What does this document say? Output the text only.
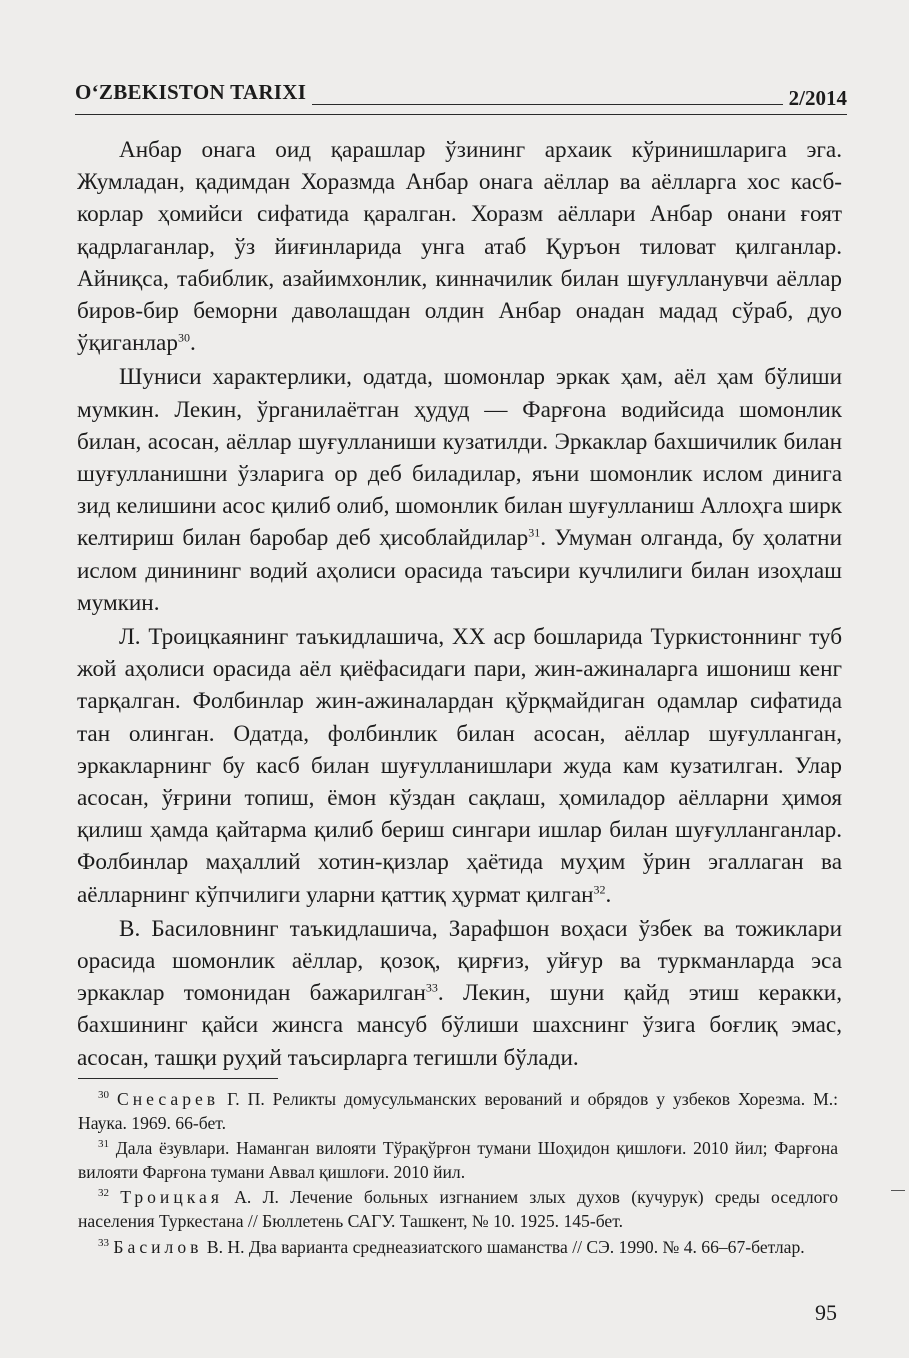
O‘ZBEKISTON TARIXI	2/2014

Анбар онага оид қарашлар ўзининг архаик кўринишларига эга. Жумладан, қадимдан Хоразмда Анбар онага аёллар ва аёлларга хос касб-корлар ҳомийси сифатида қаралган. Хоразм аёллари Анбар онани ғоят қадрлаганлар, ўз йиғинларида унга атаб Қуръон тиловат қилганлар. Айниқса, табиблик, азайимхонлик, кинначилик билан шуғулланувчи аёллар биров-бир беморни даволашдан олдин Анбар онадан мадад сўраб, дуо ўқиганлар$^{30}$.

Шуниси характерлики, одатда, шомонлар эркак ҳам, аёл ҳам бўлиши мумкин. Лекин, ўрганилаётган ҳудуд — Фарғона водийсида шомонлик билан, асосан, аёллар шуғулланиши кузатилди. Эркаклар бахшичилик билан шуғулланишни ўзларига ор деб биладилар, яъни шомонлик ислом динига зид келишини асос қилиб олиб, шомонлик билан шуғулланиш Аллоҳга ширк келтириш билан баробар деб ҳисоблайдилар$^{31}$. Умуман олганда, бу ҳолатни ислом динининг водий аҳолиси орасида таъсири кучлилиги билан изоҳлаш мумкин.

Л. Троицкаянинг таъкидлашича, XX аср бошларида Туркистоннинг туб жой аҳолиси орасида аёл қиёфасидаги пари, жин-ажиналарга ишониш кенг тарқалган. Фолбинлар жин-ажиналардан қўрқмайдиган одамлар сифатида тан олинган. Одатда, фолбинлик билан асосан, аёллар шуғулланган, эркакларнинг бу касб билан шуғулланишлари жуда кам кузатилган. Улар асосан, ўғрини топиш, ёмон кўздан сақлаш, ҳомиладор аёлларни ҳимоя қилиш ҳамда қайтарма қилиб бериш сингари ишлар билан шуғулланганлар. Фолбинлар маҳаллий хотин-қизлар ҳаётида муҳим ўрин эгаллаган ва аёлларнинг кўпчилиги уларни қаттиқ ҳурмат қилган$^{32}$.

В. Басиловнинг таъкидлашича, Зарафшон воҳаси ўзбек ва тожиклари орасида шомонлик аёллар, қозоқ, қирғиз, уйғур ва туркманларда эса эркаклар томонидан бажарилган$^{33}$. Лекин, шуни қайд этиш керакки, бахшининг қайси жинсга мансуб бўлиши шахснинг ўзига боғлиқ эмас, асосан, ташқи руҳий таъсирларга тегишли бўлади.

$^{30}$ Снесарев Г. П. Реликты домусульманских верований и обрядов у узбеков Хорезма. М.: Наука. 1969. 66-бет.

$^{31}$ Дала ёзувлари. Наманган вилояти Тўрақўрғон тумани Шоҳидон қишлоғи. 2010 йил; Фарғона вилояти Фарғона тумани Аввал қишлоғи. 2010 йил.

$^{32}$ Троицкая А. Л. Лечение больных изгнанием злых духов (кучурук) среды оседлого населения Туркестана // Бюллетень САГУ. Ташкент, № 10. 1925. 145-бет.

$^{33}$ Басилов В. Н. Два варианта среднеазиатского шаманства // СЭ. 1990. № 4. 66–67-бетлар.

95
